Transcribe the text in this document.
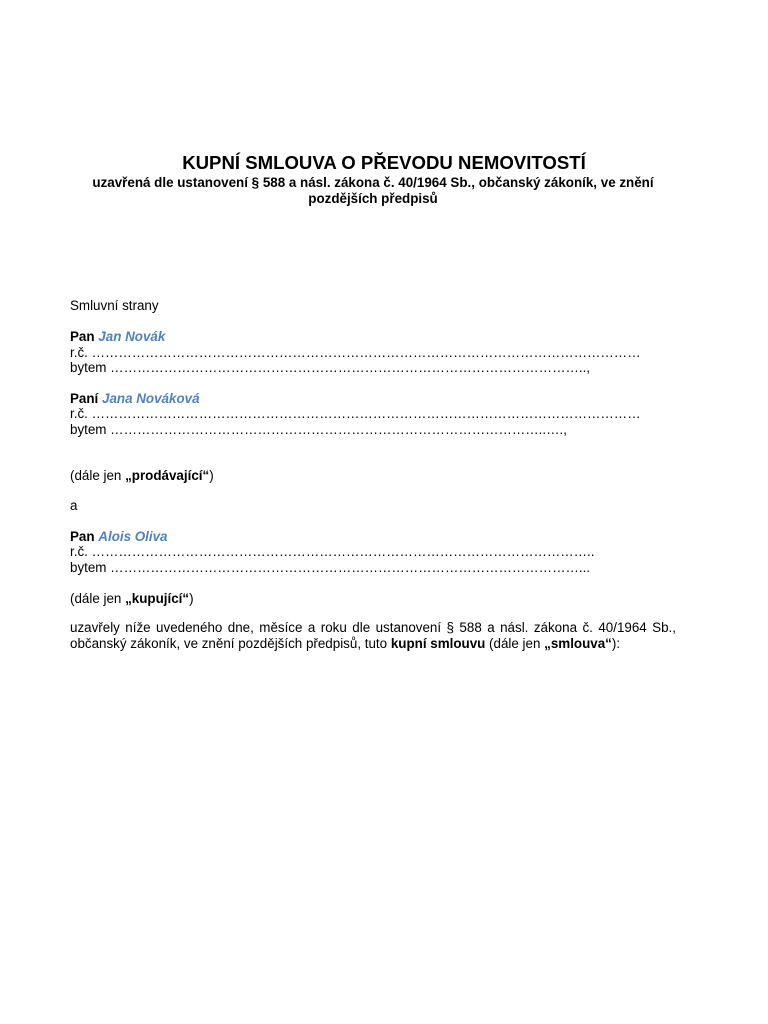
KUPNÍ SMLOUVA O PŘEVODU NEMOVITOSTÍ
uzavřená dle ustanovení § 588 a násl. zákona č. 40/1964 Sb., občanský zákoník, ve znění pozdějších předpisů
Smluvní strany
Pan Jan Novák
r.č. ……………………………………………………………………………………………………………
bytem ……………………………………………………………………………………………..,
Paní Jana Nováková
r.č. ……………………………………………………………………………………………………………
bytem ……………………………………………………………………………………..….,
(dále jen „prodávající“)
a
Pan Alois Oliva
r.č. …………………………………………………………………………………………………..
bytem ……………………………………………………………………………………………...
(dále jen „kupující“)
uzavřely níže uvedeného dne, měsíce a roku dle ustanovení § 588 a násl. zákona č. 40/1964 Sb., občanský zákoník, ve znění pozdějších předpisů, tuto kupní smlouvu (dále jen „smlouva“):
